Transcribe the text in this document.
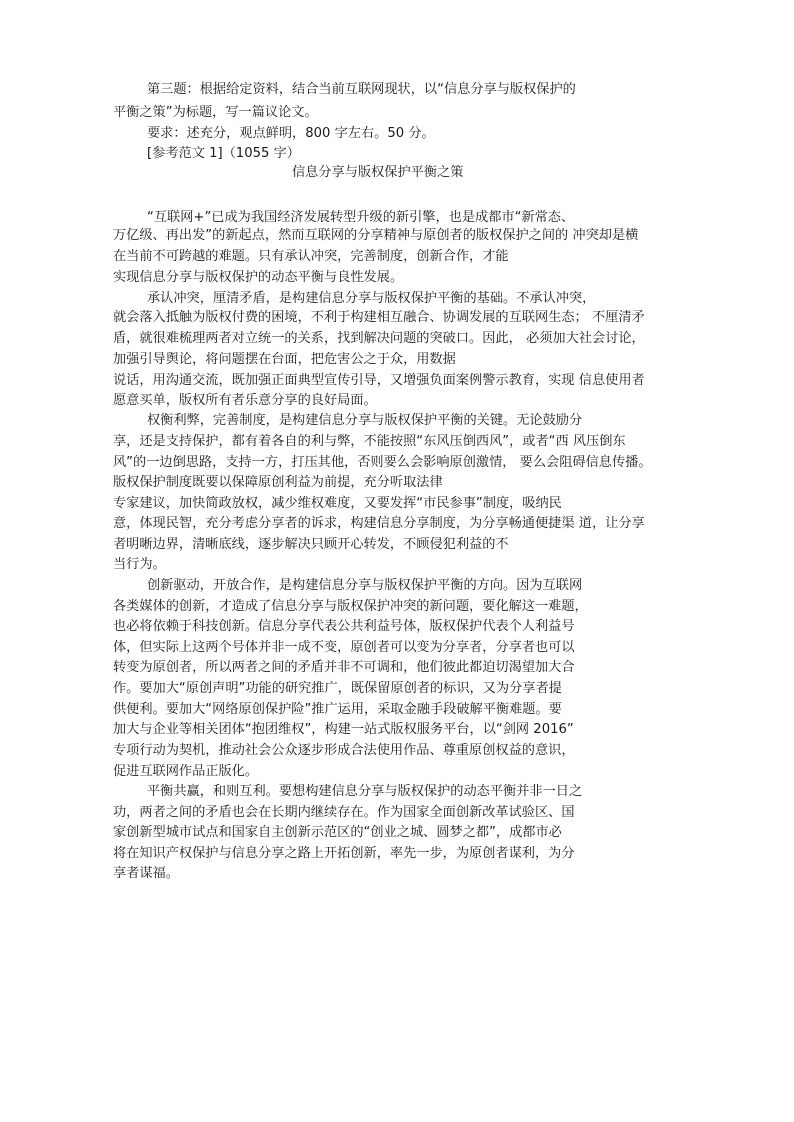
第三题：根据给定资料，结合当前互联网现状，以“信息分享与版权保护的
平衡之策”为标题，写一篇议论文。
要求：述充分，观点鲜明，800 字左右。50 分。
[参考范文 1]（1055 字）
信息分享与版权保护平衡之策
“互联网+”已成为我国经济发展转型升级的新引擎，也是成都市“新常态、
万亿级、再出发”的新起点，然而互联网的分享精神与原创者的版权保护之间的 冲突却是横
在当前不可跨越的难题。只有承认冲突，完善制度，创新合作，才能
实现信息分享与版权保护的动态平衡与良性发展。
承认冲突，厘清矛盾，是构建信息分享与版权保护平衡的基础。不承认冲突，
就会落入抵触为版权付费的困境，不利于构建相互融合、协调发展的互联网生态； 不厘清矛
盾，就很难梳理两者对立统一的关系，找到解决问题的突破口。因此， 必须加大社会讨论，
加强引导舆论，将问题摆在台面，把危害公之于众，用数据
说话，用沟通交流，既加强正面典型宣传引导，又增强负面案例警示教育，实现 信息使用者
愿意买单，版权所有者乐意分享的良好局面。
权衡利弊，完善制度，是构建信息分享与版权保护平衡的关键。无论鼓励分
享，还是支持保护，都有着各自的利与弊，不能按照“东风压倒西风”，或者“西 风压倒东
风”的一边倒思路，支持一方，打压其他，否则要么会影响原创激情， 要么会阻碍信息传播。
版权保护制度既要以保障原创利益为前提，充分听取法律
专家建议，加快简政放权，减少维权难度，又要发挥“市民参事”制度，吸纳民
意，体现民智，充分考虑分享者的诉求，构建信息分享制度，为分享畅通便捷渠 道，让分享
者明晰边界，清晰底线，逐步解决只顾开心转发，不顾侵犯利益的不
当行为。
创新驱动，开放合作，是构建信息分享与版权保护平衡的方向。因为互联网
各类媒体的创新，才造成了信息分享与版权保护冲突的新问题，要化解这一难题，
也必将依赖于科技创新。信息分享代表公共利益号体，版权保护代表个人利益号
体，但实际上这两个号体并非一成不变，原创者可以变为分享者，分享者也可以
转变为原创者，所以两者之间的矛盾并非不可调和，他们彼此都迫切渴望加大合
作。要加大“原创声明”功能的研究推广，既保留原创者的标识，又为分享者提
供便利。要加大“网络原创保护险”推广运用，采取金融手段破解平衡难题。要
加大与企业等相关团体“抱团维权”，构建一站式版权服务平台，以“剑网 2016”
专项行动为契机，推动社会公众逐步形成合法使用作品、尊重原创权益的意识，
促进互联网作品正版化。
平衡共赢，和则互利。要想构建信息分享与版权保护的动态平衡并非一日之
功，两者之间的矛盾也会在长期内继续存在。作为国家全面创新改革试验区、国
家创新型城市试点和国家自主创新示范区的“创业之城、圆梦之都”，成都市必
将在知识产权保护与信息分享之路上开拓创新，率先一步，为原创者谋利，为分
享者谋福。
